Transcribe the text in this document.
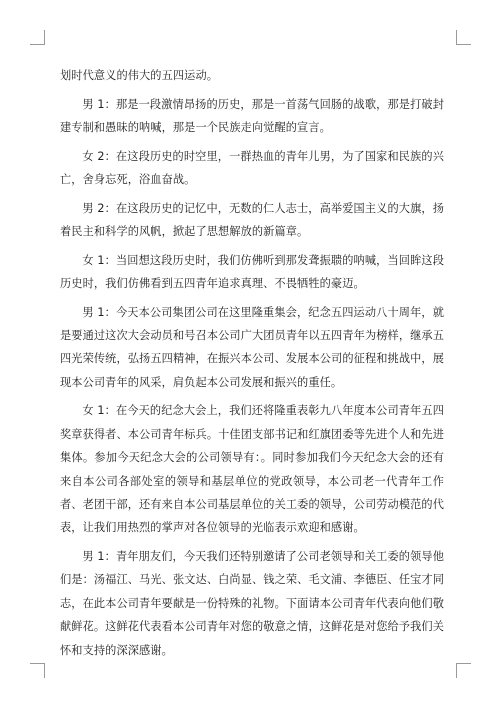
划时代意义的伟大的五四运动。

男 1：那是一段激情昂扬的历史，那是一首荡气回肠的战歌，那是打破封建专制和愚昧的呐喊，那是一个民族走向觉醒的宣言。

女 2：在这段历史的时空里，一群热血的青年儿男，为了国家和民族的兴亡，舍身忘死，浴血奋战。

男 2：在这段历史的记忆中，无数的仁人志士，高举爱国主义的大旗，扬着民主和科学的风帆，掀起了思想解放的新篇章。

女 1：当回想这段历史时，我们仿佛听到那发聋振聩的呐喊，当回眸这段历史时，我们仿佛看到五四青年追求真理、不畏牺牲的豪迈。

男 1：今天本公司集团公司在这里隆重集会，纪念五四运动八十周年，就是要通过这次大会动员和号召本公司广大团员青年以五四青年为榜样，继承五四光荣传统，弘扬五四精神，在振兴本公司、发展本公司的征程和挑战中，展现本公司青年的风采，肩负起本公司发展和振兴的重任。

女 1：在今天的纪念大会上，我们还将隆重表彰九八年度本公司青年五四奖章获得者、本公司青年标兵。十佳团支部书记和红旗团委等先进个人和先进集体。参加今天纪念大会的公司领导有：。同时参加我们今天纪念大会的还有来自本公司各部处室的领导和基层单位的党政领导，本公司老一代青年工作者、老团干部，还有来自本公司基层单位的关工委的领导，公司劳动模范的代表，让我们用热烈的掌声对各位领导的光临表示欢迎和感谢。

男 1：青年朋友们，今天我们还特别邀请了公司老领导和关工委的领导他们是：汤福江、马光、张文达、白尚显、钱之荣、毛文浦、李德臣、任宝才同志，在此本公司青年要献是一份特殊的礼物。下面请本公司青年代表向他们敬献鲜花。这鲜花代表看本公司青年对您的敬意之情，这鲜花是对您给予我们关怀和支持的深深感谢。
